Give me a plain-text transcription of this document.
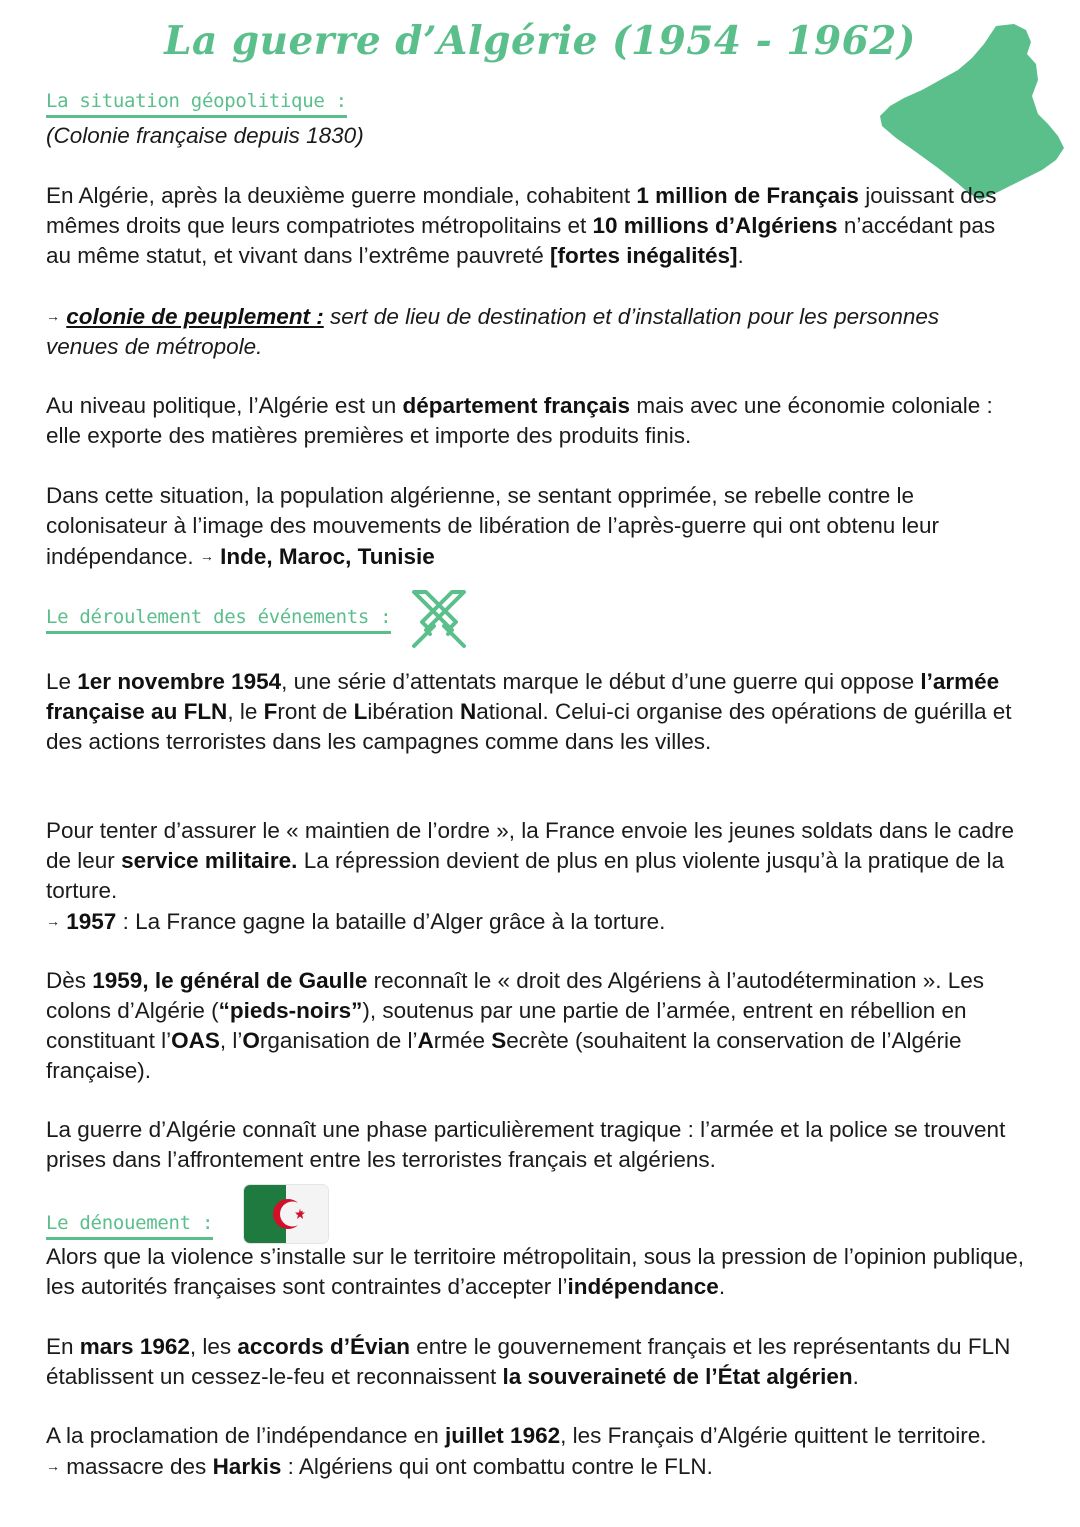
La guerre d’Algérie (1954 - 1962)
La situation géopolitique :

(Colonie française depuis 1830)

En Algérie, après la deuxième guerre mondiale, cohabitent 1 million de Français jouissant des mêmes droits que leurs compatriotes métropolitains et 10 millions d’Algériens n’accédant pas au même statut, et vivant dans l’extrême pauvreté [fortes inégalités].

→ colonie de peuplement : sert de lieu de destination et d’installation pour les personnes venues de métropole.

Au niveau politique, l’Algérie est un département français mais avec une économie coloniale : elle exporte des matières premières et importe des produits finis.

Dans cette situation, la population algérienne, se sentant opprimée, se rebelle contre le colonisateur à l’image des mouvements de libération de l’après-guerre qui ont obtenu leur indépendance. → Inde, Maroc, Tunisie

Le déroulement des événements :

Le 1er novembre 1954, une série d’attentats marque le début d’une guerre qui oppose l’armée française au FLN, le Front de Libération National. Celui-ci organise des opérations de guérilla et des actions terroristes dans les campagnes comme dans les villes.

Pour tenter d’assurer le « maintien de l’ordre », la France envoie les jeunes soldats dans le cadre de leur service militaire. La répression devient de plus en plus violente jusqu’à la pratique de la torture.

→ 1957 : La France gagne la bataille d’Alger grâce à la torture.

Dès 1959, le général de Gaulle reconnaît le « droit des Algériens à l’autodétermination ». Les colons d’Algérie (“pieds-noirs”), soutenus par une partie de l’armée, entrent en rébellion en constituant l’OAS, l’Organisation de l’Armée Secrète (souhaitent la conservation de l’Algérie française).

La guerre d’Algérie connaît une phase particulièrement tragique : l’armée et la police se trouvent prises dans l’affrontement entre les terroristes français et algériens.

Le dénouement :

Alors que la violence s’installe sur le territoire métropolitain, sous la pression de l’opinion publique, les autorités françaises sont contraintes d’accepter l’indépendance.

En mars 1962, les accords d’Évian entre le gouvernement français et les représentants du FLN établissent un cessez-le-feu et reconnaissent la souveraineté de l’État algérien.

A la proclamation de l’indépendance en juillet 1962, les Français d’Algérie quittent le territoire. → massacre des Harkis : Algériens qui ont combattu contre le FLN.
